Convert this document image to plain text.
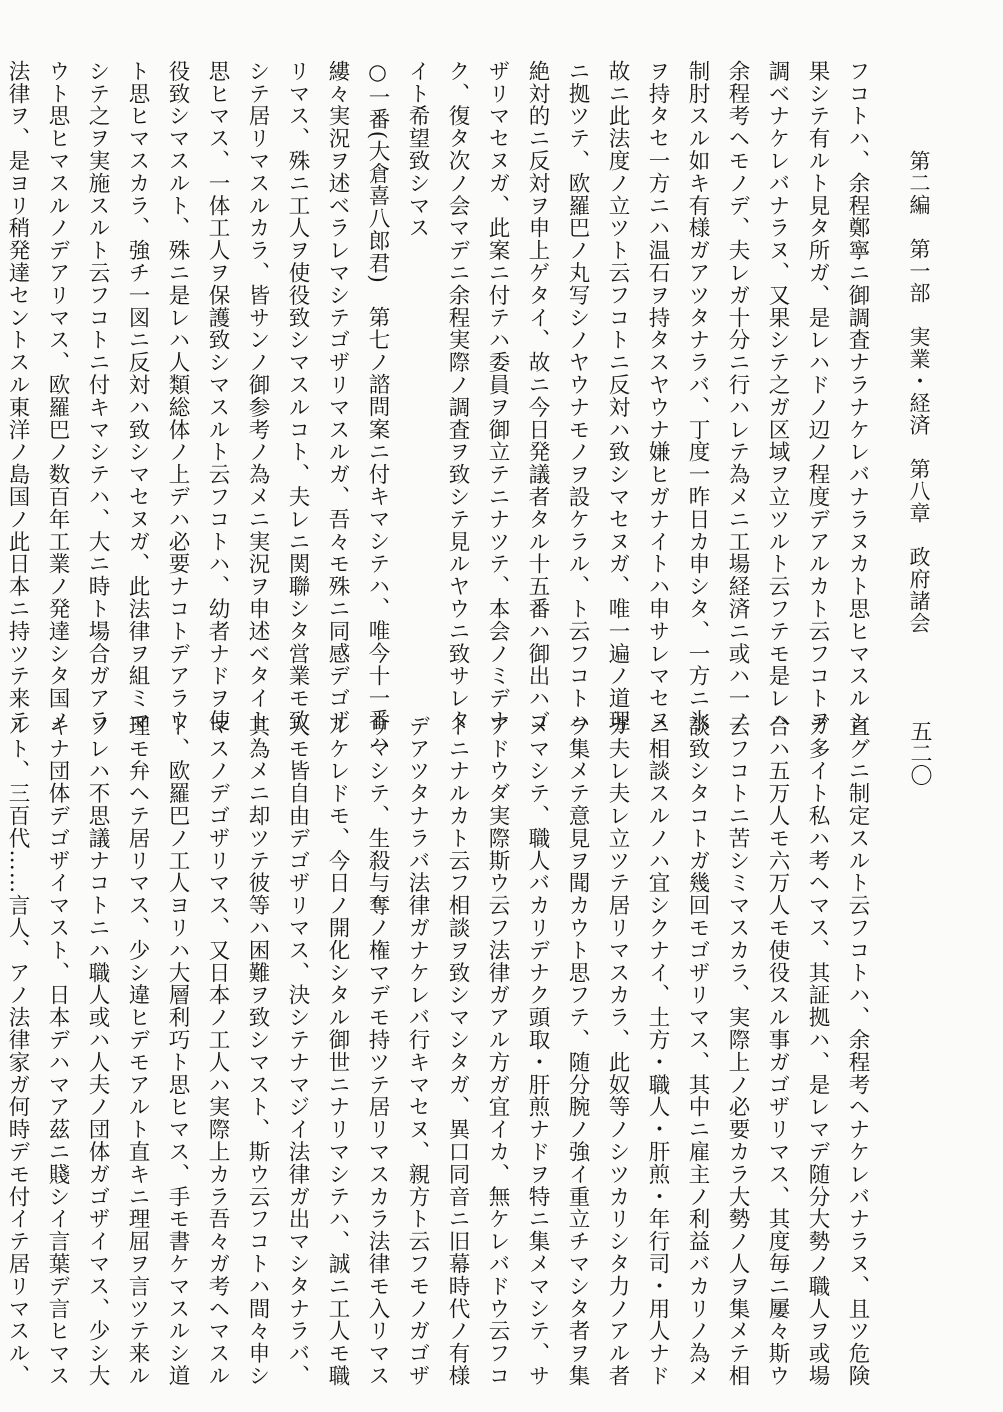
第二編　第一部　実業・経済　第八章　政府諸会
五二〇
フコトハ、余程鄭寧ニ御調査ナラナケレバナラヌカト思ヒマスルシ
果シテ有ルト見タ所ガ、是レハドノ辺ノ程度デアルカト云フコトヲ
調ベナケレバナラヌ、又果シテ之ガ区域ヲ立ツルト云フテモ是レハ
余程考ヘモノデ、夫レガ十分ニ行ハレテ為メニ工場経済ニ或ハ一ノ
制肘スル如キ有様ガアツタナラバ、丁度一昨日カ申シタ、一方ニ氷
ヲ持タセ一方ニハ温石ヲ持タスヤウナ嫌ヒガナイトハ申サレマセヌ
故ニ此法度ノ立ツト云フコトニ反対ハ致シマセヌガ、唯一遍ノ道理
ニ拠ツテ、欧羅巴ノ丸写シノヤウナモノヲ設ケラル、ト云フコトハ
絶対的ニ反対ヲ申上ゲタイ、故ニ今日発議者タル十五番ハ御出ハゴ
ザリマセヌガ、此案ニ付テハ委員ヲ御立テニナツテ、本会ノミデナ
ク、復タ次ノ会マデニ余程実際ノ調査ヲ致シテ見ルヤウニ致サレタ
イト希望致シマス
○一番(大倉喜八郎君)　第七ノ諮問案ニ付キマシテハ、唯今十一番ハ
縷々実況ヲ述ベラレマシテゴザリマスルガ、吾々モ殊ニ同感デゴザ
リマス、殊ニ工人ヲ使役致シマスルコト、夫レニ関聯シタ営業モ致
シテ居リマスルカラ、皆サンノ御参考ノ為メニ実況ヲ申述ベタイト
思ヒマス、一体工人ヲ保護致シマスルト云フコトハ、幼者ナドヲ使
役致シマスルト、殊ニ是レハ人類総体ノ上デハ必要ナコトデアラウ
ト思ヒマスカラ、強チ一図ニ反対ハ致シマセヌガ、此法律ヲ組ミマ
シテ之ヲ実施スルト云フコトニ付キマシテハ、大ニ時ト場合ガアラ
ウト思ヒマスルノデアリマス、欧羅巴ノ数百年工業ノ発達シタ国ノ
法律ヲ、是ヨリ稍発達セントスル東洋ノ島国ノ此日本ニ持ツテ来テ
直グニ制定スルト云フコトハ、余程考ヘナケレバナラヌ、且ツ危険
ガ多イト私ハ考ヘマス、其証拠ハ、是レマデ随分大勢ノ職人ヲ或場
合ハ五万人モ六万人モ使役スル事ガゴザリマス、其度毎ニ屢々斯ウ
云フコトニ苦シミマスカラ、実際上ノ必要カラ大勢ノ人ヲ集メテ相
談致シタコトガ幾回モゴザリマス、其中ニ雇主ノ利益バカリノ為メ
ニ相談スルノハ宜シクナイ、土方・職人・肝煎・年行司・用人ナド
ガ夫レ夫レ立ツテ居リマスカラ、此奴等ノシツカリシタ力ノアル者
ヲ集メテ意見ヲ聞カウト思フテ、随分腕ノ強イ重立チマシタ者ヲ集
メマシテ、職人バカリデナク頭取・肝煎ナドヲ特ニ集メマシテ、サ
アドウダ実際斯ウ云フ法律ガアル方ガ宜イカ、無ケレバドウ云フコ
トニナルカト云フ相談ヲ致シマシタガ、異口同音ニ旧幕時代ノ有様
デアツタナラバ法律ガナケレバ行キマセヌ、親方ト云フモノガゴザ
リマシテ、生殺与奪ノ権マデモ持ツテ居リマスカラ法律モ入リマス
ルケレドモ、今日ノ開化シタル御世ニナリマシテハ、誠ニ工人モ職
人モ皆自由デゴザリマス、決シテナマジイ法律ガ出マシタナラバ、
其為メニ却ツテ彼等ハ困難ヲ致シマスト、斯ウ云フコトハ間々申シ
マスノデゴザリマス、又日本ノ工人ハ実際上カラ吾々ガ考ヘマスル
ト、欧羅巴ノ工人ヨリハ大層利巧ト思ヒマス、手モ書ケマスルシ道
理モ弁ヘテ居リマス、少シ違ヒデモアルト直キニ理屈ヲ言ツテ来ル
ソレハ不思議ナコトニハ職人或ハ人夫ノ団体ガゴザイマス、少シ大
キナ団体デゴザイマスト、日本デハマア茲ニ賤シイ言葉デ言ヒマス
ルト、三百代……言人、アノ法律家ガ何時デモ付イテ居リマスル、
